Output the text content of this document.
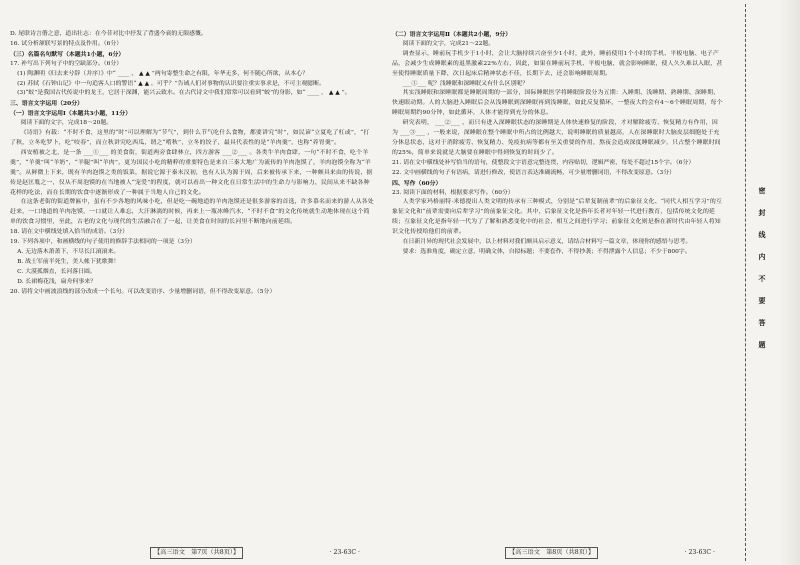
D. 尾联诗言偕之意，道出壮志：在今昔对比中抒发了背盛今衰的无限感慨。

16. 试分析颔联写景的特点及作用。（6分）

（三）名篇名句默写（本题共1小题，6分）

17. 补写出下列句子中的空缺部分。（6分）

(1) 陶渊明《归去来兮辞（并序）》中“ ____ ， ▲ ▲ ”两句寄整生命之有限，年华无多，何不随心所欲，从本心？

(2) 苏轼《石钟山记》中一句追客人口的警语“ ▲ ▲ ，可乎？”告诫人们对事物的认识要注重实事求是，不可主观臆断。

(3)“蚁”是我国古代传说中的龙王，它居于深渊，能兴云致水。在古代诗文中我们常常可以看到“蛟”的身影，如“ ____ ， ▲ ▲ ”。

三、语言文字运用（20分）

（一）语言文字运用Ⅰ（本题共3小题，11分）

阅读下面的文字，完成18～20题。

《诗语》有载：“不时不食，这里的“时”可以理解为“节气”，到什么节气吃什么食物，都要讲究“时”，如民谚“立夏吃了杠或”，“打了秋，立冬吃罗卜，吃“咬春”，而立秋讲究吃西瓜，谓之“啃秋”，立冬的饺子，最具代表性的是“羊肉羹”，也称“养胃羹”。

西安植被之北，是一条 ___①___ 的美食街，街道两旁食肆林立，四方游客 ___②___ 。各类牛羊肉食肆，一句“不时不食，吃个羊羹”，“羊羹”叫“羊奶”，“羊腿”叫“羊肉”，更为国民小吃的精粹的重要特色是来自三秦大地广为流传的羊肉泡馍了，羊肉泡馍全称为“羊羹”。从鲜微上下来，既有羊肉泡馍之类的饭菜，据说它源于秦末汉初，也有人认为源于周，后来被传承下来，一种颇具来由的传说，据传是赵匡胤之一，仅从不周泡馍的在当地被人“宠爱”的程度，就可以看出一种文化在日常生活中的生命力与影响力，民间从来不缺各种花样的吃法，而在长期的饮食中逐渐形成了一种属于当地人自己的文化。

在这条老街的街道牌匾中，虽有不少各地的风味小吃，但是吃一碗地道的羊肉泡馍还是很多游客的首选，许多慕名而来的游人从各处赶来，一口地道的羊肉泡馍，一口就让人难忘，大汗淋漓的时候，再来上一瓶冰峰汽水，“不时不食”的文化传统就生动地体现在这个简单的饮食习惯里，至此，古老的文化与现代的生活融合在了一起，让美食在时间的长河里不断地向前延续。

18. 请在文中横线处填入恰当的成语。（3分）

19. 下列各项中，和画横线的句子使用的修辞手法相同的一项是（3分）

A. 无边落木萧萧下，不尽长江滚滚来。

B. 战士军前半死生，美人帐下犹歌舞！

C. 大漠孤烟直，长河落日圆。

D. 长裙梅花浅，扁舟何事来？

20. 请将文中画波浪线的部分改成一个长句。可以改变语序、少量增删词语，但不得改变原意。（5分）

【高三语文　第7页（共8页）】	· 23-63C ·

（二）语言文字运用Ⅱ（本题共2小题，9分）

阅读下面的文字，完成21～22题。

调查显示，睡前玩手机少于1小时，会让大脑持续兴奋至少1小时，此外，睡前使用1个小时的手机、平板电脑、电子产品，会减少生成睡眠素的退黑激素22%左右，因此，如果在睡前玩手机、平板电脑，就会影响睡眠，使人久久难以入眠，甚至使得睡眠质量下降，次日起床后精神状态不佳，长期下去，还会影响睡眠周期。

___①___ 呢？浅睡眠和深睡眠又有什么区别呢？

其实浅睡眠和深睡眠都是睡眠周期的一部分，国际睡眠医学将睡眠阶段分为五期：入睡期、浅睡期、熟睡期、深睡期、快速眼动期。人的大脑进入睡眠后会从浅睡眠到深睡眠再到浅睡眠，如此反复循环，一整夜大约会有4～6个睡眠周期，每个睡眠周期约90分钟，如此循环，人体才能得到充分的休息。

研究表明， ___②___ ，而只有进入深睡眠状态的深睡期是人体快速修复的阶段，才对解除疲劳、恢复精力有作用，因为 ___③___ ，一般来说，深睡眠在整个睡眠中所占的比例越大，说明睡眠的质量越高，人在深睡眠时大脑皮层细胞处于充分休息状态，这对于消除疲劳、恢复精力、免疫抗病等都有至关重要的作用，熬夜会造成深度睡眠减少，只占整个睡眠时间的25%，简单来说就是大脑要在睡眠中得到恢复的时间少了。

21. 请在文中横线处补写恰当的语句，使整段文字语意完整连贯，内容贴切，逻辑严密，每处不超过15个字。（6分）

22. 文中画横线的句子有语病，请进行修改，使语言表达准确流畅，可少量增删词语，不得改变原意。（3分）

四、写作（60分）

23. 阅读下面的材料，根据要求写作。（60分）

人类学家玛格丽特·米德提出人类文明的传承有三种模式，分别是“后辈复制前辈”的后象征文化、“同代人相互学习”的互象征文化和“前辈需要向后辈学习”的前象征文化。其中，后象征文化是指年长者对年轻一代进行教育，包括传统文化的延续；互象征文化是指年轻一代为了了解和熟悉变化中的社会，相互之间进行学习；前象征文化则是指在新时代由年轻人将知识文化传授给他们的前辈。

在日新月异的现代社会发展中，以上材料对我们颇具启示意义，请结合材料写一篇文章，体现你的感悟与思考。

要求：选准角度，确定立意，明确文体，自拟标题；不要套作，不得抄袭；不得泄露个人信息；不少于800字。

【高三语文　第8页（共8页）】	· 23-63C ·
密
封
线
内
不
要
答
题
